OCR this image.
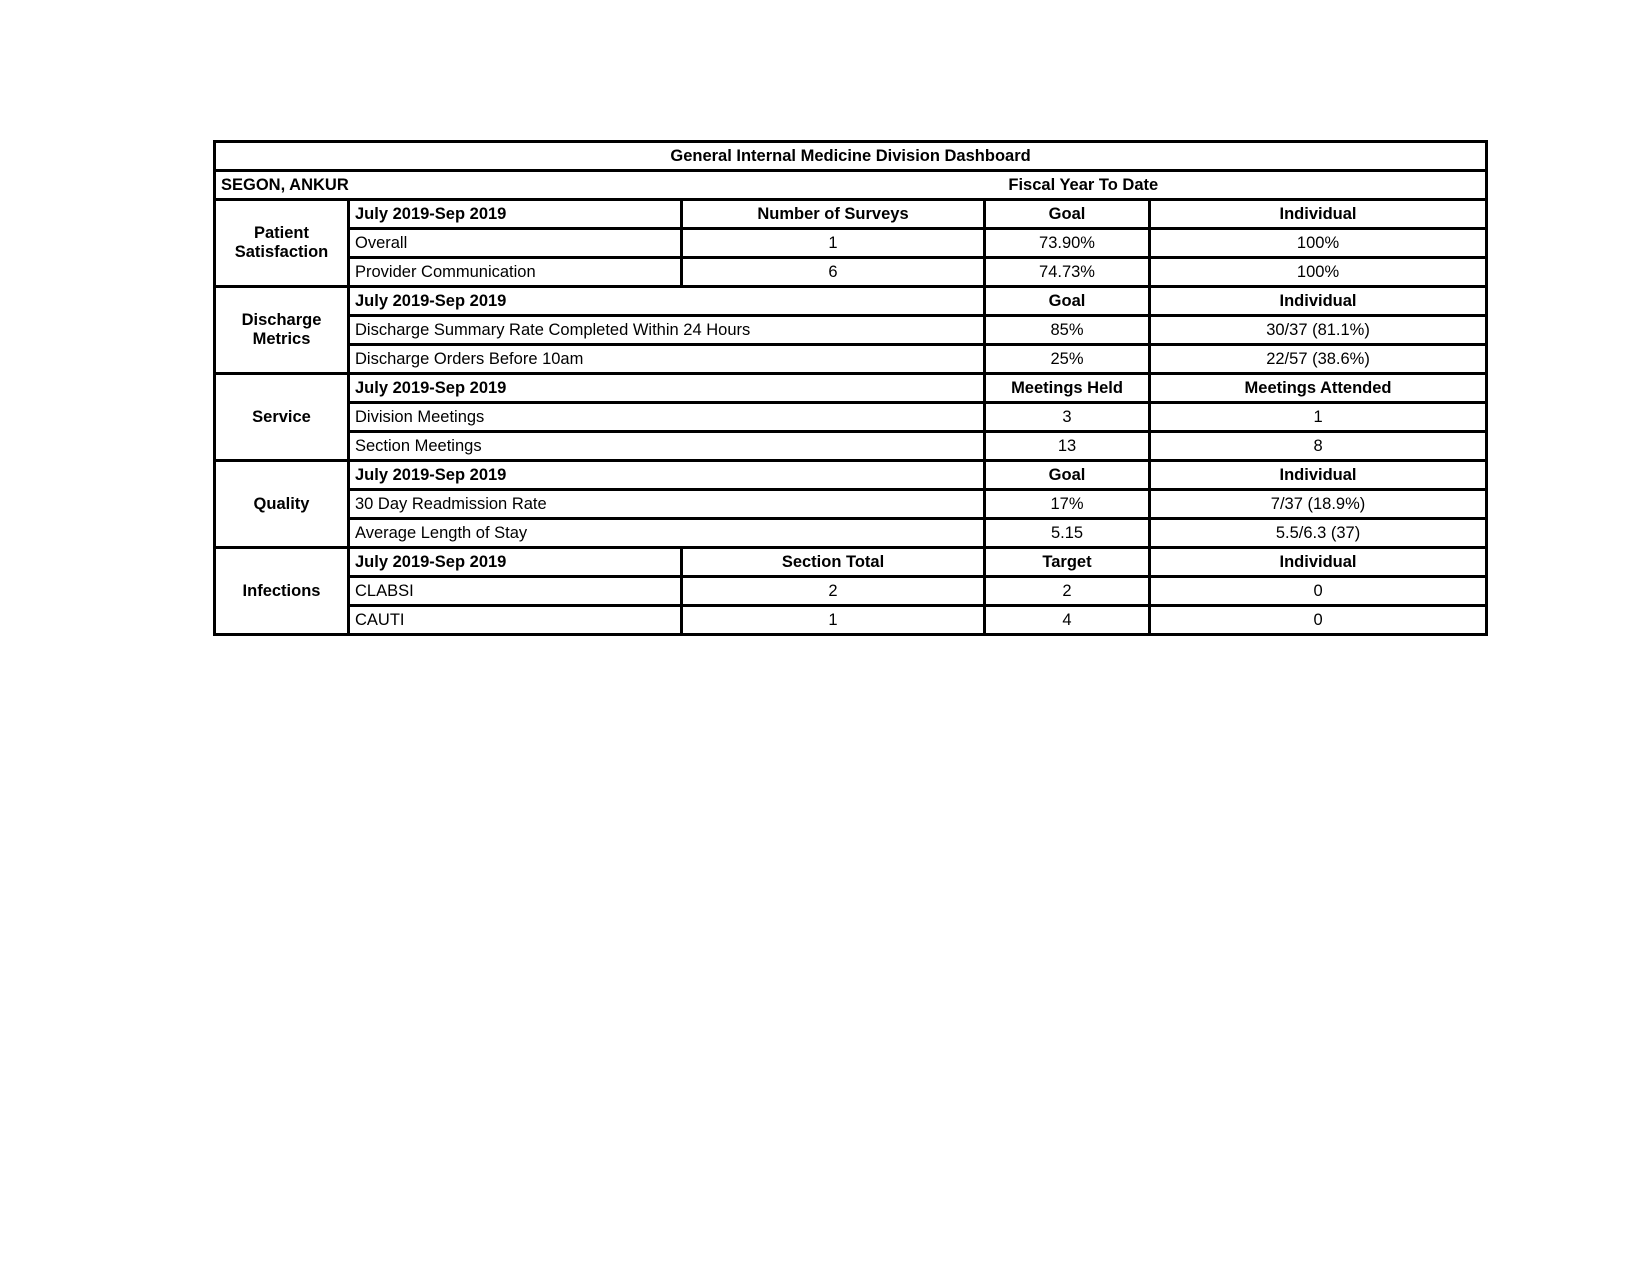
General Internal Medicine Division Dashboard				
SEGON, ANKUR		Fiscal Year To Date		
Patient Satisfaction	July 2019-Sep 2019	Number of Surveys	Goal	Individual
	Overall	1	73.90%	100%
	Provider Communication	6	74.73%	100%
Discharge Metrics	July 2019-Sep 2019		Goal	Individual
	Discharge Summary Rate Completed Within 24 Hours		85%	30/37 (81.1%)
	Discharge Orders Before 10am		25%	22/57 (38.6%)
Service	July 2019-Sep 2019		Meetings Held	Meetings Attended
	Division Meetings		3	1
	Section Meetings		13	8
Quality	July 2019-Sep 2019		Goal	Individual
	30 Day Readmission Rate		17%	7/37 (18.9%)
	Average Length of Stay		5.15	5.5/6.3 (37)
Infections	July 2019-Sep 2019	Section Total	Target	Individual
	CLABSI	2	2	0
	CAUTI	1	4	0
